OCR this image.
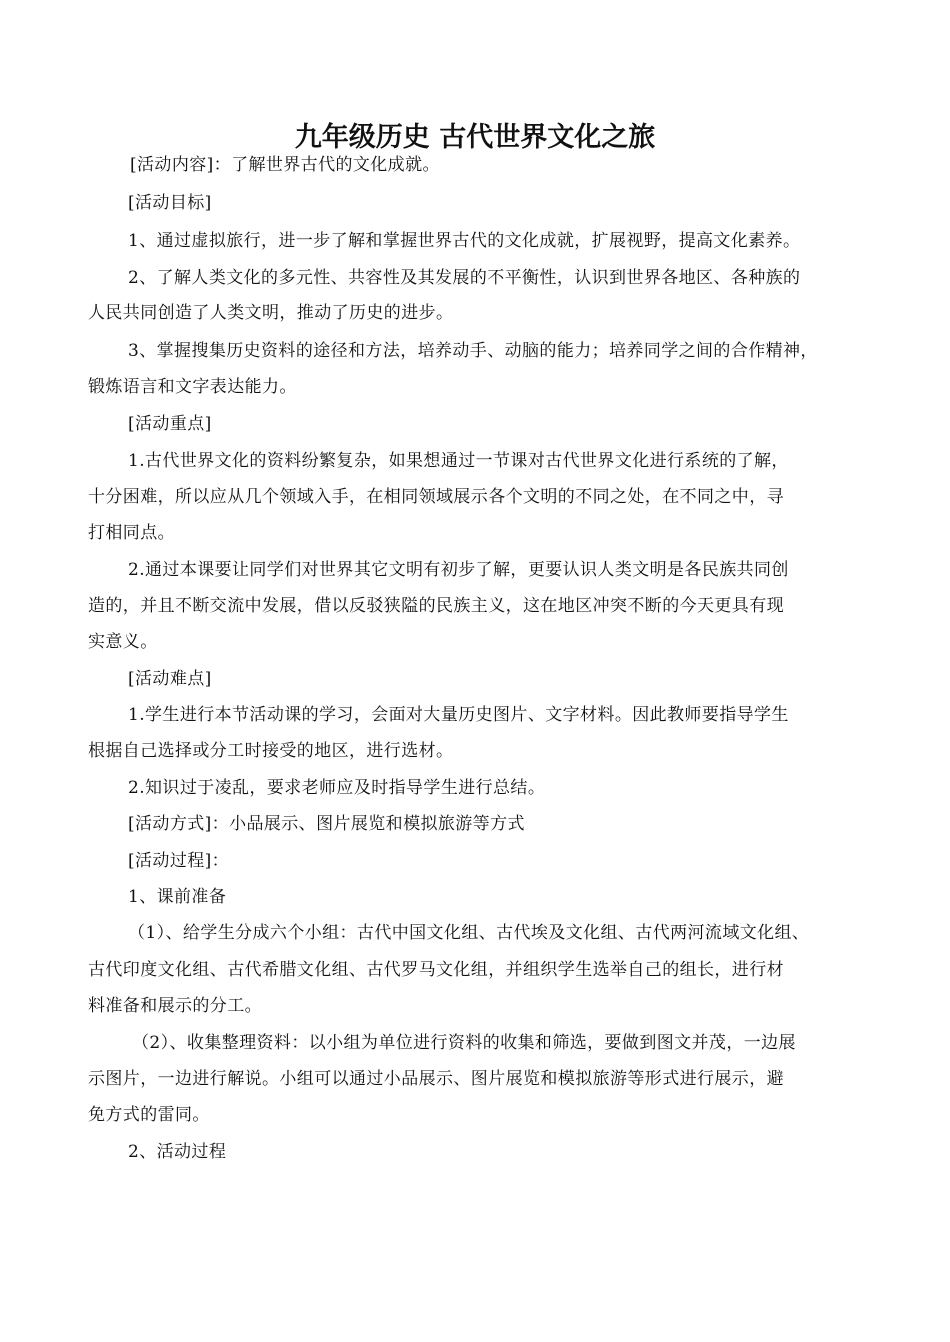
九年级历史 古代世界文化之旅
[活动内容]：了解世界古代的文化成就。
[活动目标]
1、通过虚拟旅行，进一步了解和掌握世界古代的文化成就，扩展视野，提高文化素养。
2、了解人类文化的多元性、共容性及其发展的不平衡性，认识到世界各地区、各种族的
人民共同创造了人类文明，推动了历史的进步。
3、掌握搜集历史资料的途径和方法，培养动手、动脑的能力；培养同学之间的合作精神，
锻炼语言和文字表达能力。
[活动重点]
1.古代世界文化的资料纷繁复杂，如果想通过一节课对古代世界文化进行系统的了解，
十分困难，所以应从几个领域入手，在相同领域展示各个文明的不同之处，在不同之中，寻
打相同点。
2.通过本课要让同学们对世界其它文明有初步了解，更要认识人类文明是各民族共同创
造的，并且不断交流中发展，借以反驳狭隘的民族主义，这在地区冲突不断的今天更具有现
实意义。
[活动难点]
1.学生进行本节活动课的学习，会面对大量历史图片、文字材料。因此教师要指导学生
根据自己选择或分工时接受的地区，进行选材。
2.知识过于凌乱，要求老师应及时指导学生进行总结。
[活动方式]：小品展示、图片展览和模拟旅游等方式
[活动过程]：
1、课前准备
（1）、给学生分成六个小组：古代中国文化组、古代埃及文化组、古代两河流域文化组、
古代印度文化组、古代希腊文化组、古代罗马文化组，并组织学生选举自己的组长，进行材
料准备和展示的分工。
（2）、收集整理资料：以小组为单位进行资料的收集和筛选，要做到图文并茂，一边展
示图片，一边进行解说。小组可以通过小品展示、图片展览和模拟旅游等形式进行展示，避
免方式的雷同。
2、活动过程
